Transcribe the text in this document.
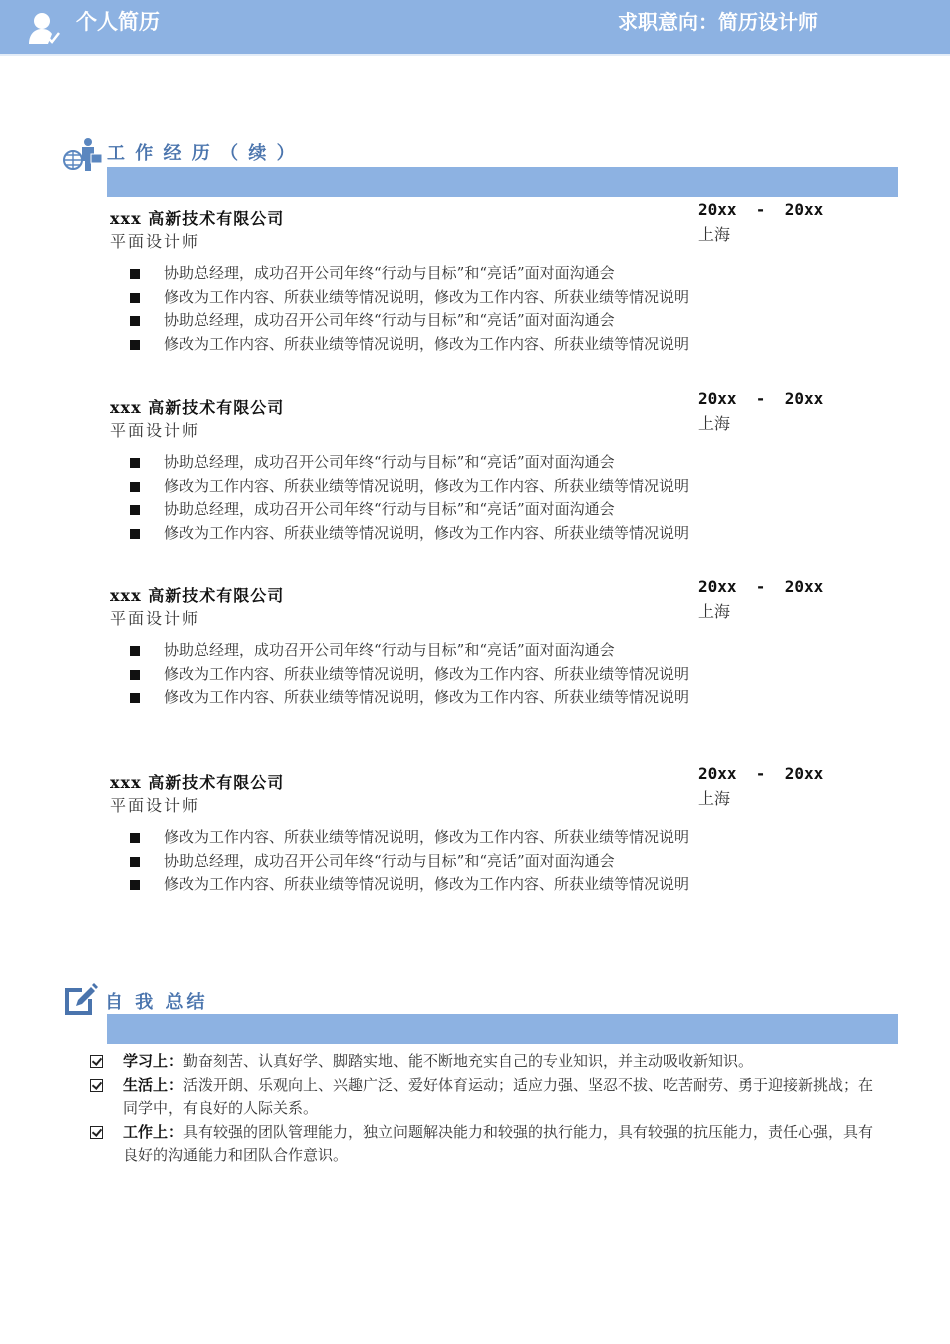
个人简历	求职意向：简历设计师
工 作 经 历 （ 续 ）
xxx 高新技术有限公司
平面设计师
20xx  -  20xx
上海
协助总经理，成功召开公司年终“行动与目标”和“亮话”面对面沟通会
修改为工作内容、所获业绩等情况说明，修改为工作内容、所获业绩等情况说明
协助总经理，成功召开公司年终“行动与目标”和“亮话”面对面沟通会
修改为工作内容、所获业绩等情况说明，修改为工作内容、所获业绩等情况说明
xxx 高新技术有限公司
平面设计师
20xx  -  20xx
上海
协助总经理，成功召开公司年终“行动与目标”和“亮话”面对面沟通会
修改为工作内容、所获业绩等情况说明，修改为工作内容、所获业绩等情况说明
协助总经理，成功召开公司年终“行动与目标”和“亮话”面对面沟通会
修改为工作内容、所获业绩等情况说明，修改为工作内容、所获业绩等情况说明
xxx 高新技术有限公司
平面设计师
20xx  -  20xx
上海
协助总经理，成功召开公司年终“行动与目标”和“亮话”面对面沟通会
修改为工作内容、所获业绩等情况说明，修改为工作内容、所获业绩等情况说明
修改为工作内容、所获业绩等情况说明，修改为工作内容、所获业绩等情况说明
xxx 高新技术有限公司
平面设计师
20xx  -  20xx
上海
修改为工作内容、所获业绩等情况说明，修改为工作内容、所获业绩等情况说明
协助总经理，成功召开公司年终“行动与目标”和“亮话”面对面沟通会
修改为工作内容、所获业绩等情况说明，修改为工作内容、所获业绩等情况说明
自 我 总结
学习上：勤奋刻苦、认真好学、脚踏实地、能不断地充实自己的专业知识，并主动吸收新知识。
生活上：活泼开朗、乐观向上、兴趣广泛、爱好体育运动；适应力强、坚忍不拔、吃苦耐劳、勇于迎接新挑战；在同学中，有良好的人际关系。
工作上：具有较强的团队管理能力，独立问题解决能力和较强的执行能力，具有较强的抗压能力，责任心强，具有良好的沟通能力和团队合作意识。
